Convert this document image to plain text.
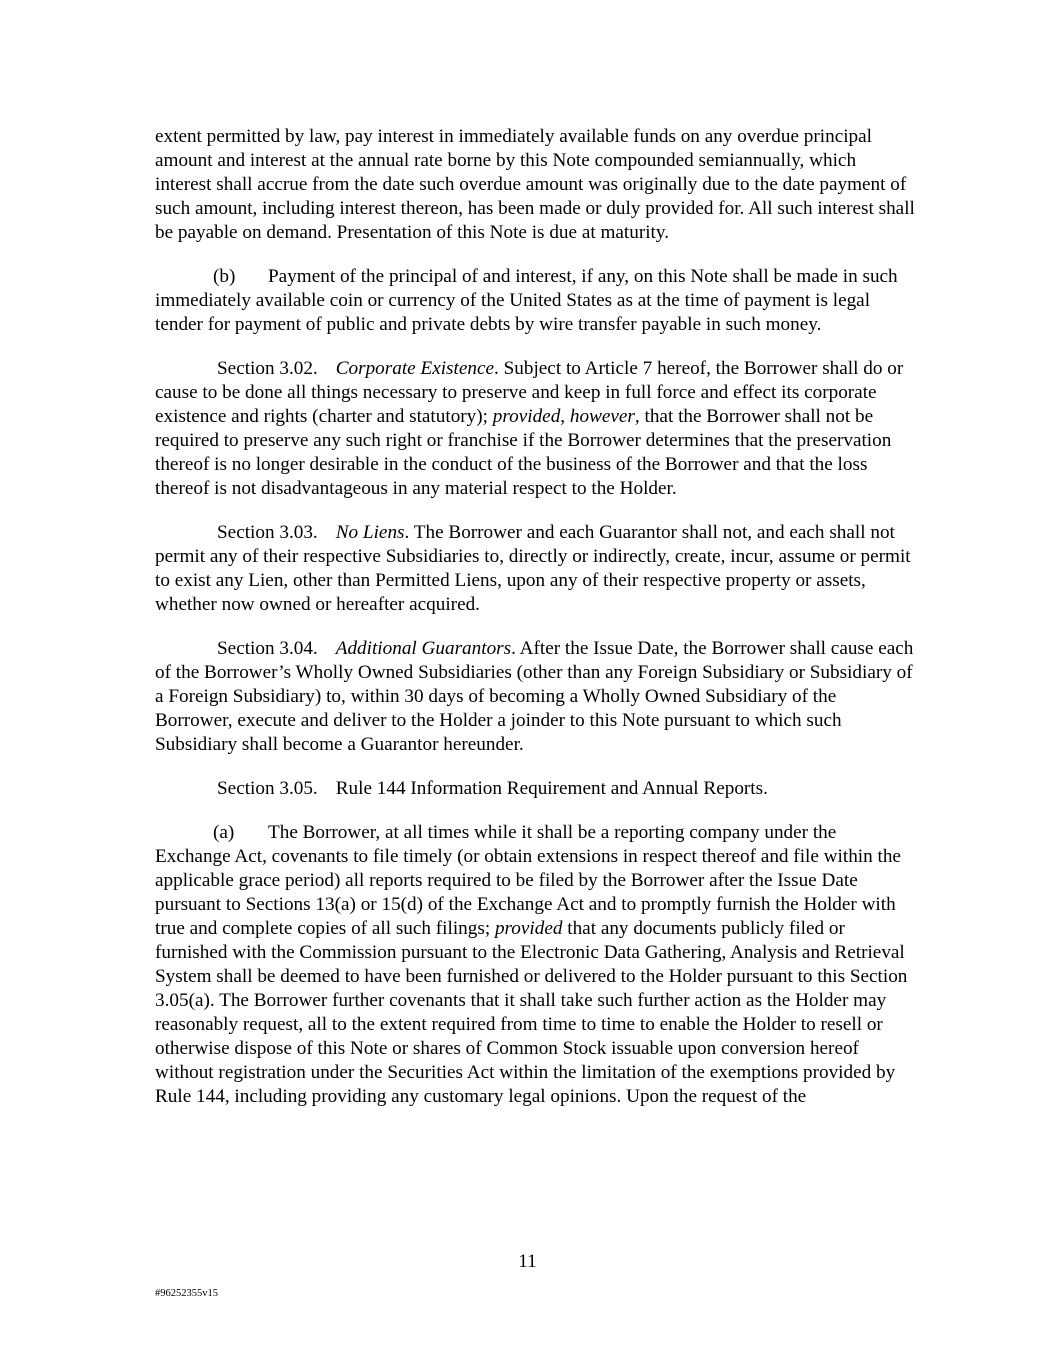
extent permitted by law, pay interest in immediately available funds on any overdue principal amount and interest at the annual rate borne by this Note compounded semiannually, which interest shall accrue from the date such overdue amount was originally due to the date payment of such amount, including interest thereon, has been made or duly provided for. All such interest shall be payable on demand. Presentation of this Note is due at maturity.

(b) Payment of the principal of and interest, if any, on this Note shall be made in such immediately available coin or currency of the United States as at the time of payment is legal tender for payment of public and private debts by wire transfer payable in such money.

Section 3.02. Corporate Existence. Subject to Article 7 hereof, the Borrower shall do or cause to be done all things necessary to preserve and keep in full force and effect its corporate existence and rights (charter and statutory); provided, however, that the Borrower shall not be required to preserve any such right or franchise if the Borrower determines that the preservation thereof is no longer desirable in the conduct of the business of the Borrower and that the loss thereof is not disadvantageous in any material respect to the Holder.

Section 3.03. No Liens. The Borrower and each Guarantor shall not, and each shall not permit any of their respective Subsidiaries to, directly or indirectly, create, incur, assume or permit to exist any Lien, other than Permitted Liens, upon any of their respective property or assets, whether now owned or hereafter acquired.

Section 3.04. Additional Guarantors. After the Issue Date, the Borrower shall cause each of the Borrower’s Wholly Owned Subsidiaries (other than any Foreign Subsidiary or Subsidiary of a Foreign Subsidiary) to, within 30 days of becoming a Wholly Owned Subsidiary of the Borrower, execute and deliver to the Holder a joinder to this Note pursuant to which such Subsidiary shall become a Guarantor hereunder.

Section 3.05. Rule 144 Information Requirement and Annual Reports.

(a) The Borrower, at all times while it shall be a reporting company under the Exchange Act, covenants to file timely (or obtain extensions in respect thereof and file within the applicable grace period) all reports required to be filed by the Borrower after the Issue Date pursuant to Sections 13(a) or 15(d) of the Exchange Act and to promptly furnish the Holder with true and complete copies of all such filings; provided that any documents publicly filed or furnished with the Commission pursuant to the Electronic Data Gathering, Analysis and Retrieval System shall be deemed to have been furnished or delivered to the Holder pursuant to this Section 3.05(a). The Borrower further covenants that it shall take such further action as the Holder may reasonably request, all to the extent required from time to time to enable the Holder to resell or otherwise dispose of this Note or shares of Common Stock issuable upon conversion hereof without registration under the Securities Act within the limitation of the exemptions provided by Rule 144, including providing any customary legal opinions. Upon the request of the

11
#96252355v15
